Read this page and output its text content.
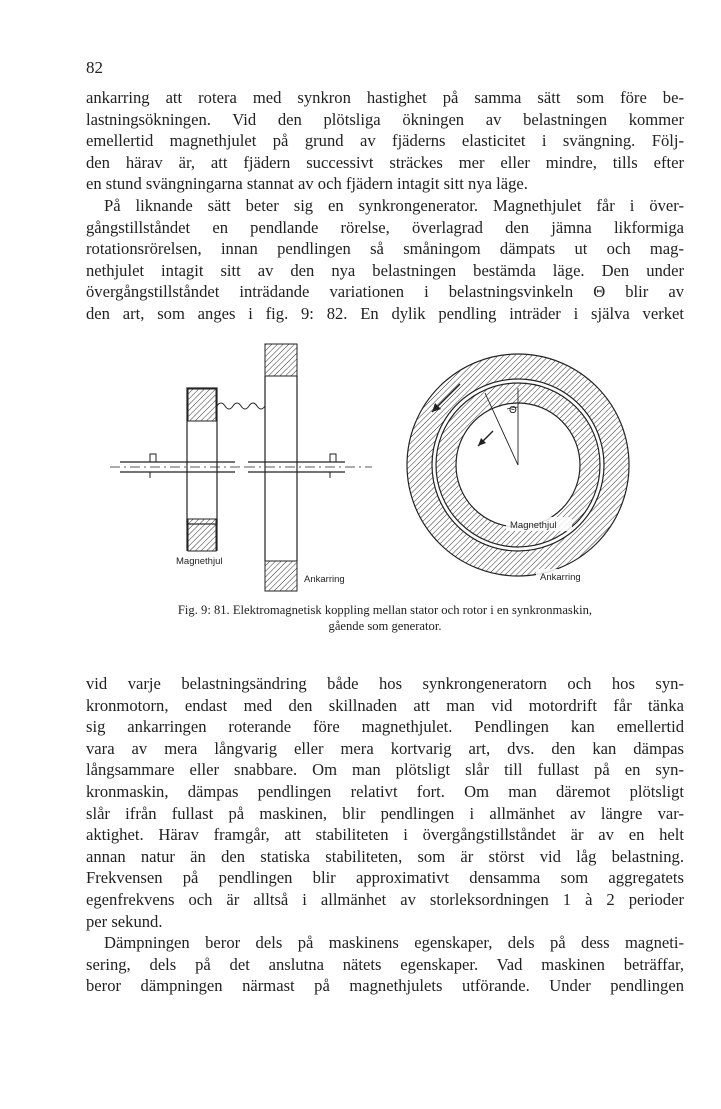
82
ankarring att rotera med synkron hastighet på samma sätt som före be-
lastningsökningen. Vid den plötsliga ökningen av belastningen kommer
emellertid magnethjulet på grund av fjäderns elasticitet i svängning. Följ-
den härav är, att fjädern successivt sträckes mer eller mindre, tills efter
en stund svängningarna stannat av och fjädern intagit sitt nya läge.
På liknande sätt beter sig en synkrongenerator. Magnethjulet får i över-
gångstillståndet en pendlande rörelse, överlagrad den jämna likformiga
rotationsrörelsen, innan pendlingen så småningom dämpats ut och mag-
nethjulet intagit sitt av den nya belastningen bestämda läge. Den under
övergångstillståndet inträdande variationen i belastningsvinkeln Θ blir av
den art, som anges i fig. 9: 82. En dylik pendling inträder i själva verket
Magnethjul
Ankarring
Θ
Magnethjul
Ankarring
Fig. 9: 81. Elektromagnetisk koppling mellan stator och rotor i en synkronmaskin,
gående som generator.
vid varje belastningsändring både hos synkrongeneratorn och hos syn-
kronmotorn, endast med den skillnaden att man vid motordrift får tänka
sig ankarringen roterande före magnethjulet. Pendlingen kan emellertid
vara av mera långvarig eller mera kortvarig art, dvs. den kan dämpas
långsammare eller snabbare. Om man plötsligt slår till fullast på en syn-
kronmaskin, dämpas pendlingen relativt fort. Om man däremot plötsligt
slår ifrån fullast på maskinen, blir pendlingen i allmänhet av längre var-
aktighet. Härav framgår, att stabiliteten i övergångstillståndet är av en helt
annan natur än den statiska stabiliteten, som är störst vid låg belastning.
Frekvensen på pendlingen blir approximativt densamma som aggregatets
egenfrekvens och är alltså i allmänhet av storleksordningen 1 à 2 perioder
per sekund.
Dämpningen beror dels på maskinens egenskaper, dels på dess magneti-
sering, dels på det anslutna nätets egenskaper. Vad maskinen beträffar,
beror dämpningen närmast på magnethjulets utförande. Under pendlingen
